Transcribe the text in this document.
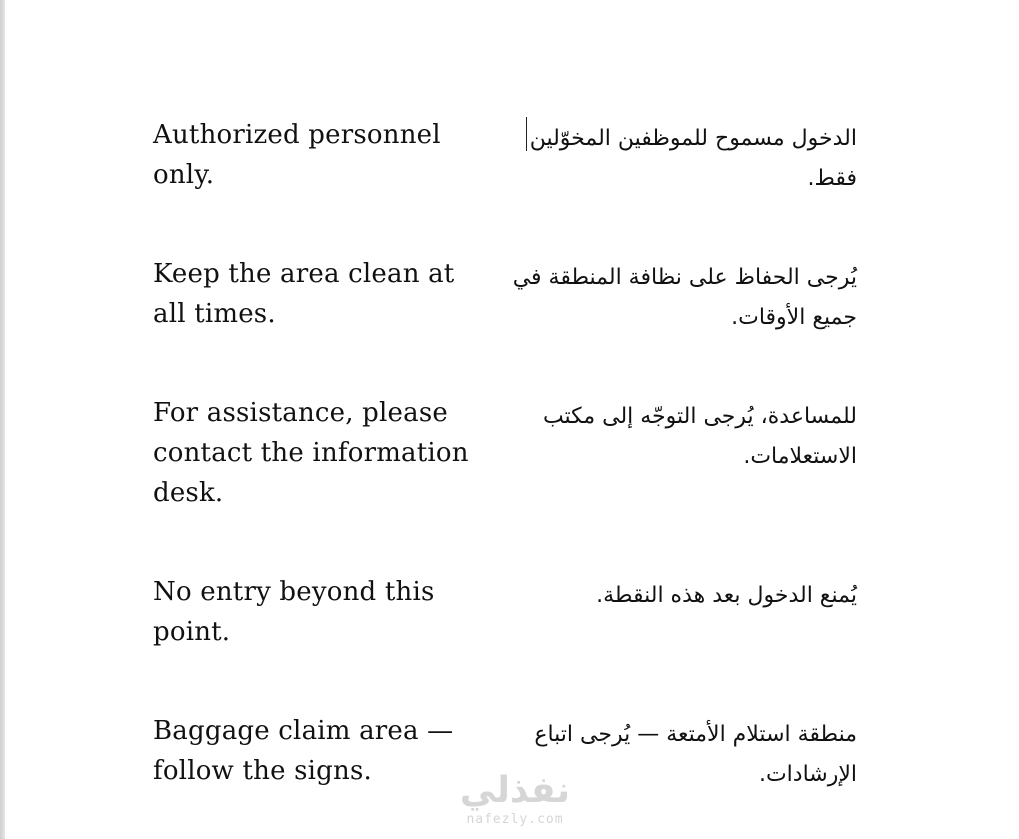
Authorized personnel only.
الدخول مسموح للموظفين المخوّلين فقط.
Keep the area clean at all times.
يُرجى الحفاظ على نظافة المنطقة في جميع الأوقات.
For assistance, please contact the information desk.
للمساعدة، يُرجى التوجّه إلى مكتب الاستعلامات.
No entry beyond this point.
يُمنع الدخول بعد هذه النقطة.
Baggage claim area — follow the signs.
منطقة استلام الأمتعة — يُرجى اتباع الإرشادات.
نفذلي
nafezly.com
